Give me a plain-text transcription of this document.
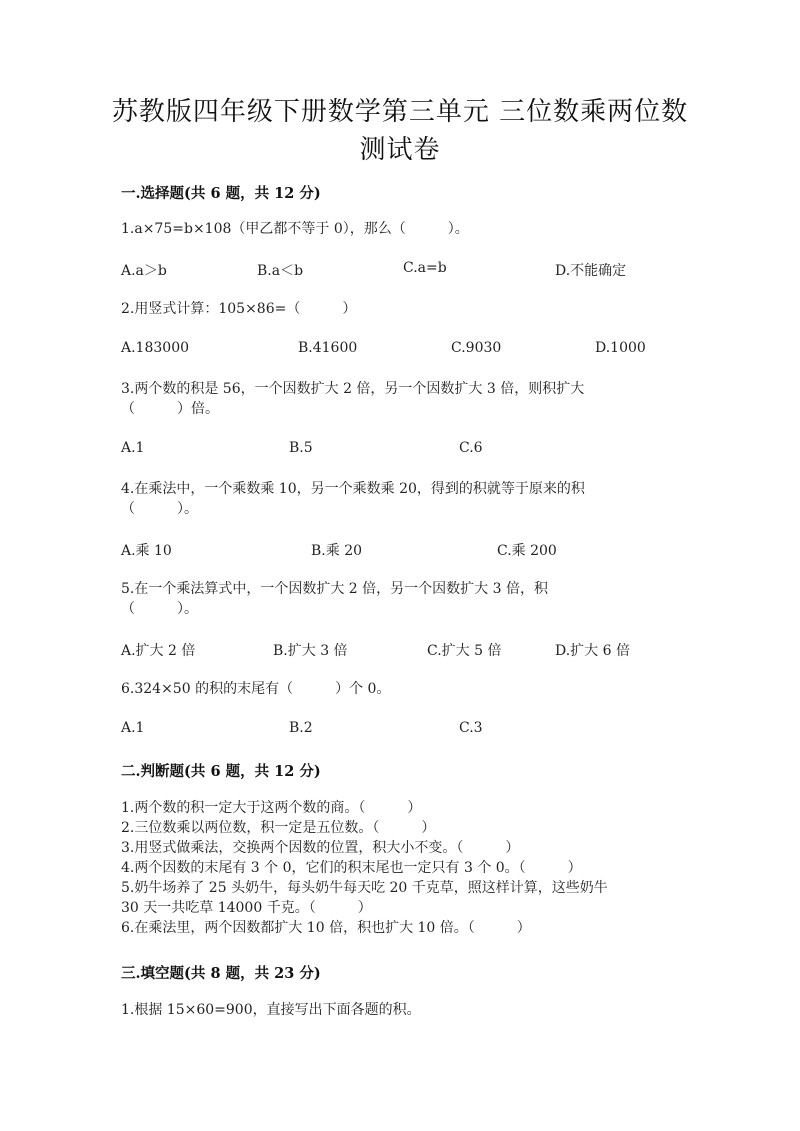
苏教版四年级下册数学第三单元 三位数乘两位数
测试卷
一.选择题(共 6 题，共 12 分)
1.a×75=b×108（甲乙都不等于 0），那么（　　　）。
A.a＞b	B.a＜b	C.a=b	D.不能确定
2.用竖式计算：105×86=（　　　）
A.183000	B.41600	C.9030	D.1000
3.两个数的积是 56，一个因数扩大 2 倍，另一个因数扩大 3 倍，则积扩大
（　　　）倍。
A.1	B.5	C.6
4.在乘法中，一个乘数乘 10，另一个乘数乘 20，得到的积就等于原来的积
（　　　）。
A.乘 10	B.乘 20	C.乘 200
5.在一个乘法算式中，一个因数扩大 2 倍，另一个因数扩大 3 倍，积
（　　　）。
A.扩大 2 倍	B.扩大 3 倍	C.扩大 5 倍	D.扩大 6 倍
6.324×50 的积的末尾有（　　　）个 0。
A.1	B.2	C.3
二.判断题(共 6 题，共 12 分)
1.两个数的积一定大于这两个数的商。（　　　）
2.三位数乘以两位数，积一定是五位数。（　　　）
3.用竖式做乘法，交换两个因数的位置，积大小不变。（　　　）
4.两个因数的末尾有 3 个 0，它们的积末尾也一定只有 3 个 0。（　　　）
5.奶牛场养了 25 头奶牛，每头奶牛每天吃 20 千克草，照这样计算，这些奶牛
30 天一共吃草 14000 千克。（　　　）
6.在乘法里，两个因数都扩大 10 倍，积也扩大 10 倍。（　　　）
三.填空题(共 8 题，共 23 分)
1.根据 15×60=900，直接写出下面各题的积。
